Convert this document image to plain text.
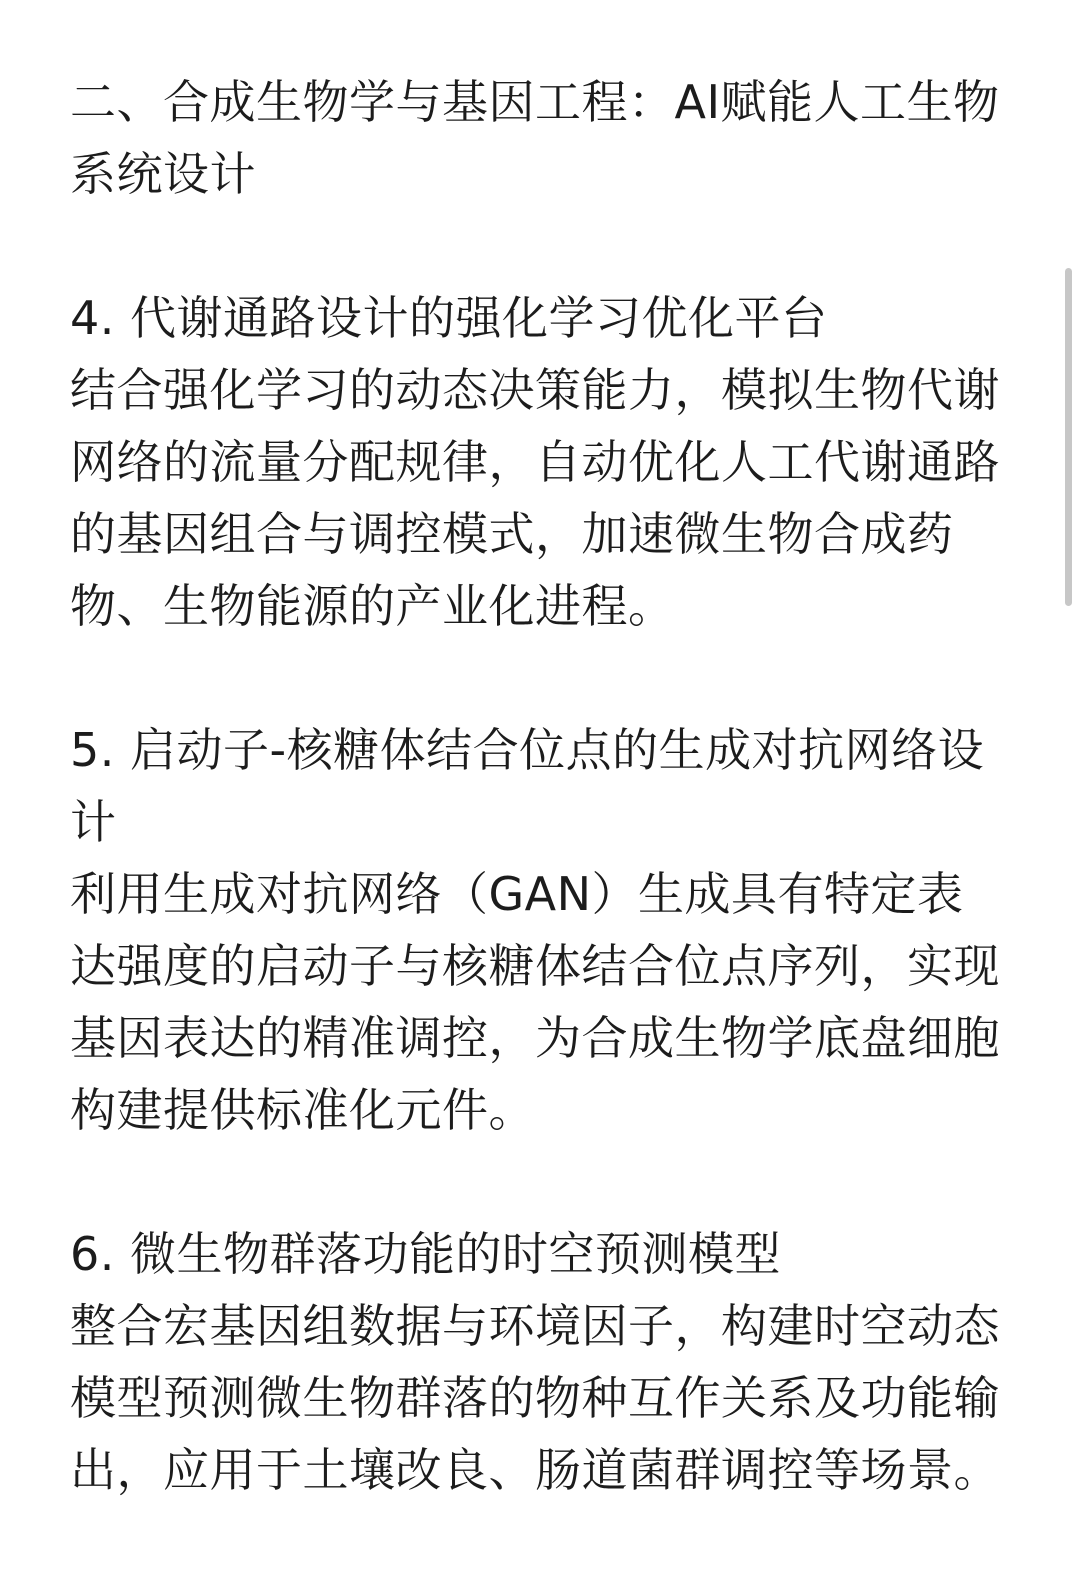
二、合成生物学与基因工程：AI赋能人工生物系统设计

4. 代谢通路设计的强化学习优化平台

结合强化学习的动态决策能力，模拟生物代谢网络的流量分配规律，自动优化人工代谢通路的基因组合与调控模式，加速微生物合成药物、生物能源的产业化进程。

5. 启动子-核糖体结合位点的生成对抗网络设计

利用生成对抗网络（GAN）生成具有特定表达强度的启动子与核糖体结合位点序列，实现基因表达的精准调控，为合成生物学底盘细胞构建提供标准化元件。

6. 微生物群落功能的时空预测模型

整合宏基因组数据与环境因子，构建时空动态模型预测微生物群落的物种互作关系及功能输出，应用于土壤改良、肠道菌群调控等场景。
